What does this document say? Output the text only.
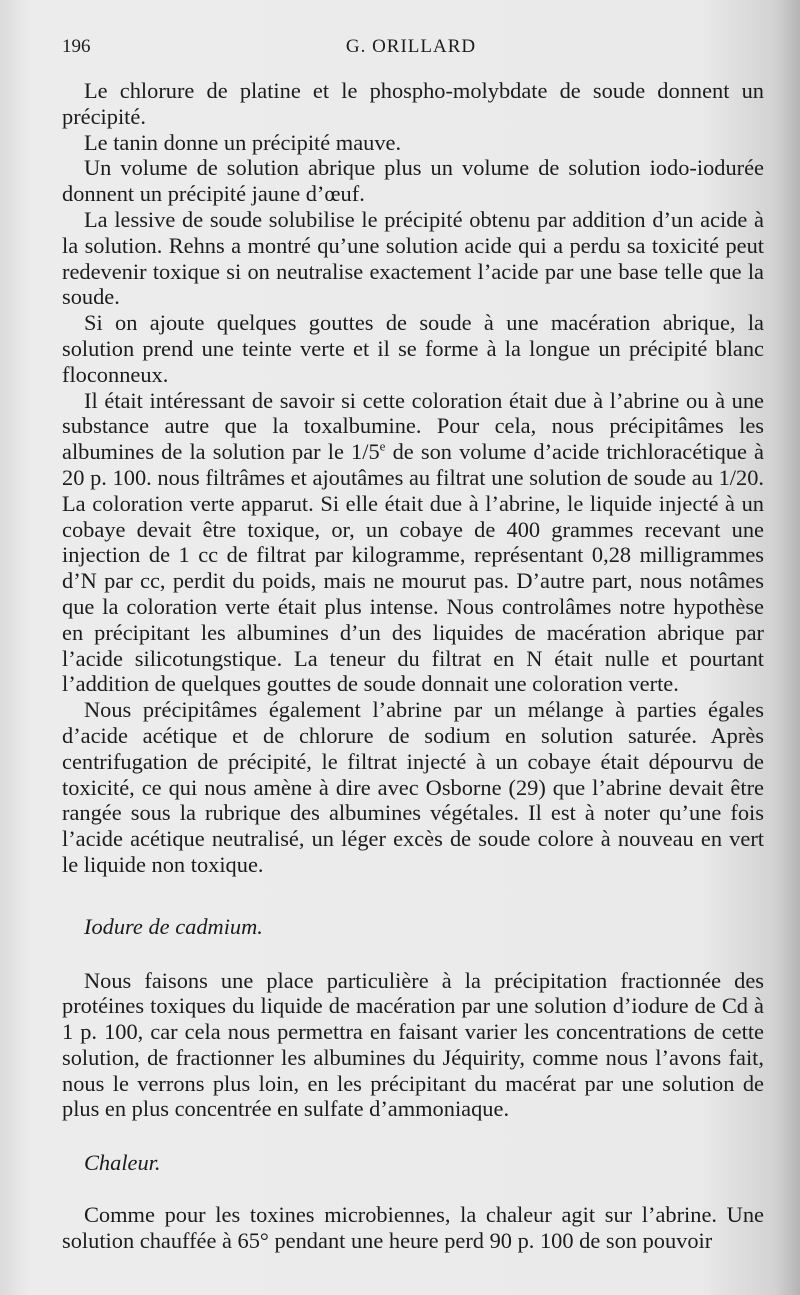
196	G. ORILLARD

Le chlorure de platine et le phospho-molybdate de soude donnent un précipité.

Le tanin donne un précipité mauve.

Un volume de solution abrique plus un volume de solution iodo-iodurée donnent un précipité jaune d’œuf.

La lessive de soude solubilise le précipité obtenu par addition d’un acide à la solution. Rehns a montré qu’une solution acide qui a perdu sa toxicité peut redevenir toxique si on neutralise exactement l’acide par une base telle que la soude.

Si on ajoute quelques gouttes de soude à une macération abrique, la solution prend une teinte verte et il se forme à la longue un précipité blanc floconneux.

Il était intéressant de savoir si cette coloration était due à l’abrine ou à une substance autre que la toxalbumine. Pour cela, nous précipitâmes les albumines de la solution par le 1/5e de son volume d’acide trichloracétique à 20 p. 100. nous filtrâmes et ajoutâmes au filtrat une solution de soude au 1/20. La coloration verte apparut. Si elle était due à l’abrine, le liquide injecté à un cobaye devait être toxique, or, un cobaye de 400 grammes recevant une injection de 1 cc de filtrat par kilogramme, représentant 0,28 milligrammes d’N par cc, perdit du poids, mais ne mourut pas. D’autre part, nous notâmes que la coloration verte était plus intense. Nous controlâmes notre hypothèse en précipitant les albumines d’un des liquides de macération abrique par l’acide silicotungstique. La teneur du filtrat en N était nulle et pourtant l’addition de quelques gouttes de soude donnait une coloration verte.

Nous précipitâmes également l’abrine par un mélange à parties égales d’acide acétique et de chlorure de sodium en solution saturée. Après centrifugation de précipité, le filtrat injecté à un cobaye était dépourvu de toxicité, ce qui nous amène à dire avec Osborne (29) que l’abrine devait être rangée sous la rubrique des albumines végétales. Il est à noter qu’une fois l’acide acétique neutralisé, un léger excès de soude colore à nouveau en vert le liquide non toxique.

Iodure de cadmium.

Nous faisons une place particulière à la précipitation fractionnée des protéines toxiques du liquide de macération par une solution d’iodure de Cd à 1 p. 100, car cela nous permettra en faisant varier les concentrations de cette solution, de fractionner les albumines du Jéquirity, comme nous l’avons fait, nous le verrons plus loin, en les précipitant du macérat par une solution de plus en plus concentrée en sulfate d’ammoniaque.

Chaleur.

Comme pour les toxines microbiennes, la chaleur agit sur l’abrine. Une solution chauffée à 65° pendant une heure perd 90 p. 100 de son pouvoir
